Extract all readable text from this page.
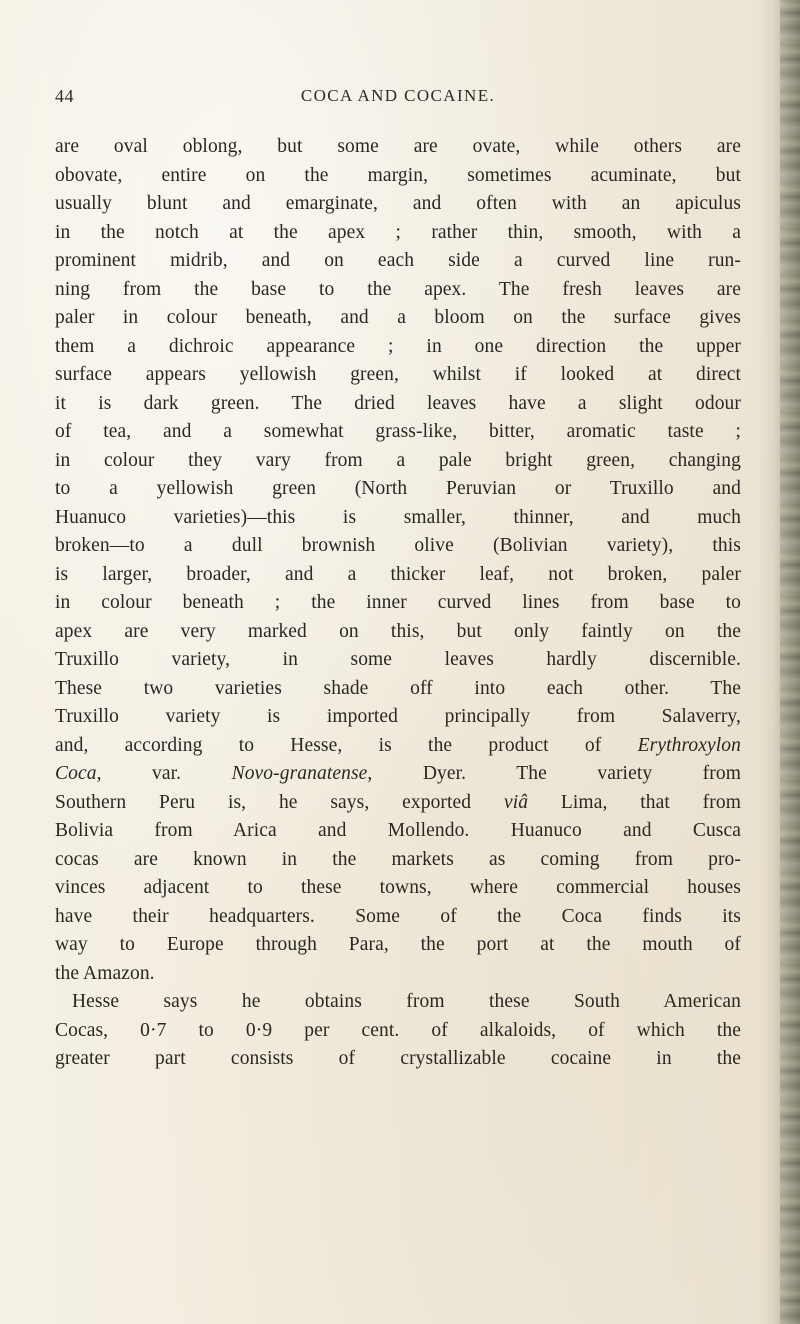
44	COCA AND COCAINE.
are oval oblong, but some are ovate, while others are
obovate, entire on the margin, sometimes acuminate, but
usually blunt and emarginate, and often with an apiculus
in the notch at the apex ; rather thin, smooth, with a
prominent midrib, and on each side a curved line run-
ning from the base to the apex. The fresh leaves are
paler in colour beneath, and a bloom on the surface gives
them a dichroic appearance ; in one direction the upper
surface appears yellowish green, whilst if looked at direct
it is dark green. The dried leaves have a slight odour
of tea, and a somewhat grass-like, bitter, aromatic taste ;
in colour they vary from a pale bright green, changing
to a yellowish green (North Peruvian or Truxillo and
Huanuco varieties)—this is smaller, thinner, and much
broken—to a dull brownish olive (Bolivian variety), this
is larger, broader, and a thicker leaf, not broken, paler
in colour beneath ; the inner curved lines from base to
apex are very marked on this, but only faintly on the
Truxillo variety, in some leaves hardly discernible.
These two varieties shade off into each other. The
Truxillo variety is imported principally from Salaverry,
and, according to Hesse, is the product of Erythroxylon
Coca, var. Novo-granatense, Dyer. The variety from
Southern Peru is, he says, exported viâ Lima, that from
Bolivia from Arica and Mollendo. Huanuco and Cusca
cocas are known in the markets as coming from pro-
vinces adjacent to these towns, where commercial houses
have their headquarters. Some of the Coca finds its
way to Europe through Para, the port at the mouth of
the Amazon.
Hesse says he obtains from these South American
Cocas, 0·7 to 0·9 per cent. of alkaloids, of which the
greater part consists of crystallizable cocaine in the
